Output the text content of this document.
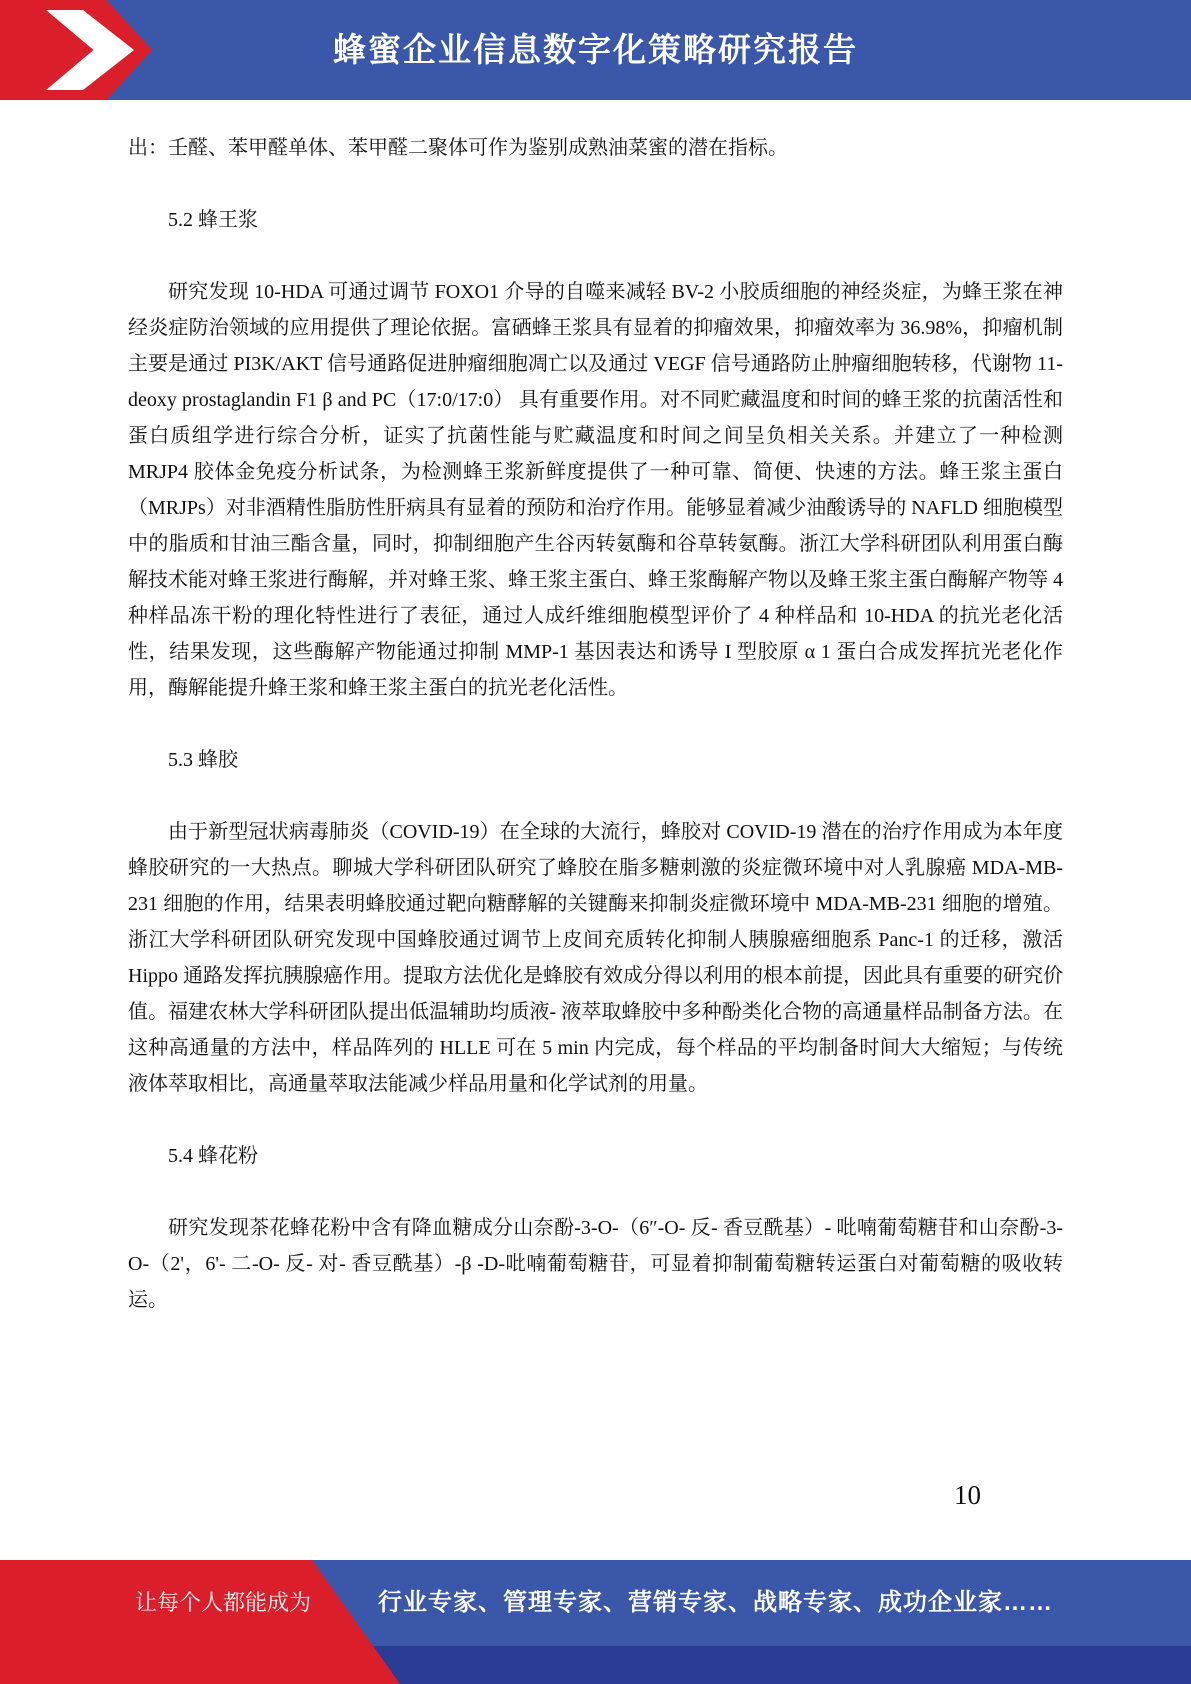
蜂蜜企业信息数字化策略研究报告

出：壬醛、苯甲醛单体、苯甲醛二聚体可作为鉴别成熟油菜蜜的潜在指标。

5.2 蜂王浆

研究发现 10-HDA 可通过调节 FOXO1 介导的自噬来减轻 BV-2 小胶质细胞的神经炎症，为蜂王浆在神经炎症防治领域的应用提供了理论依据。富硒蜂王浆具有显着的抑瘤效果，抑瘤效率为 36.98%，抑瘤机制主要是通过 PI3K/AKT 信号通路促进肿瘤细胞凋亡以及通过 VEGF 信号通路防止肿瘤细胞转移，代谢物 11-deoxy prostaglandin F1 β and PC（17:0/17:0） 具有重要作用。对不同贮藏温度和时间的蜂王浆的抗菌活性和蛋白质组学进行综合分析，证实了抗菌性能与贮藏温度和时间之间呈负相关关系。并建立了一种检测 MRJP4 胶体金免疫分析试条，为检测蜂王浆新鲜度提供了一种可靠、简便、快速的方法。蜂王浆主蛋白（MRJPs）对非酒精性脂肪性肝病具有显着的预防和治疗作用。能够显着减少油酸诱导的 NAFLD 细胞模型中的脂质和甘油三酯含量，同时，抑制细胞产生谷丙转氨酶和谷草转氨酶。浙江大学科研团队利用蛋白酶解技术能对蜂王浆进行酶解，并对蜂王浆、蜂王浆主蛋白、蜂王浆酶解产物以及蜂王浆主蛋白酶解产物等 4 种样品冻干粉的理化特性进行了表征，通过人成纤维细胞模型评价了 4 种样品和 10-HDA 的抗光老化活性，结果发现，这些酶解产物能通过抑制 MMP-1 基因表达和诱导 I 型胶原 α 1 蛋白合成发挥抗光老化作用，酶解能提升蜂王浆和蜂王浆主蛋白的抗光老化活性。

5.3 蜂胶

由于新型冠状病毒肺炎（COVID-19）在全球的大流行，蜂胶对 COVID-19 潜在的治疗作用成为本年度蜂胶研究的一大热点。聊城大学科研团队研究了蜂胶在脂多糖刺激的炎症微环境中对人乳腺癌 MDA-MB-231 细胞的作用，结果表明蜂胶通过靶向糖酵解的关键酶来抑制炎症微环境中 MDA-MB-231 细胞的增殖。浙江大学科研团队研究发现中国蜂胶通过调节上皮间充质转化抑制人胰腺癌细胞系 Panc-1 的迁移，激活 Hippo 通路发挥抗胰腺癌作用。提取方法优化是蜂胶有效成分得以利用的根本前提，因此具有重要的研究价值。福建农林大学科研团队提出低温辅助均质液- 液萃取蜂胶中多种酚类化合物的高通量样品制备方法。在这种高通量的方法中，样品阵列的 HLLE 可在 5 min 内完成，每个样品的平均制备时间大大缩短；与传统液体萃取相比，高通量萃取法能减少样品用量和化学试剂的用量。

5.4 蜂花粉

研究发现茶花蜂花粉中含有降血糖成分山奈酚-3-O-（6″-O- 反- 香豆酰基）- 吡喃葡萄糖苷和山奈酚-3-O-（2'，6'- 二-O- 反- 对- 香豆酰基）-β -D-吡喃葡萄糖苷，可显着抑制葡萄糖转运蛋白对葡萄糖的吸收转运。

10
让每个人都能成为	行业专家、管理专家、营销专家、战略专家、成功企业家……
